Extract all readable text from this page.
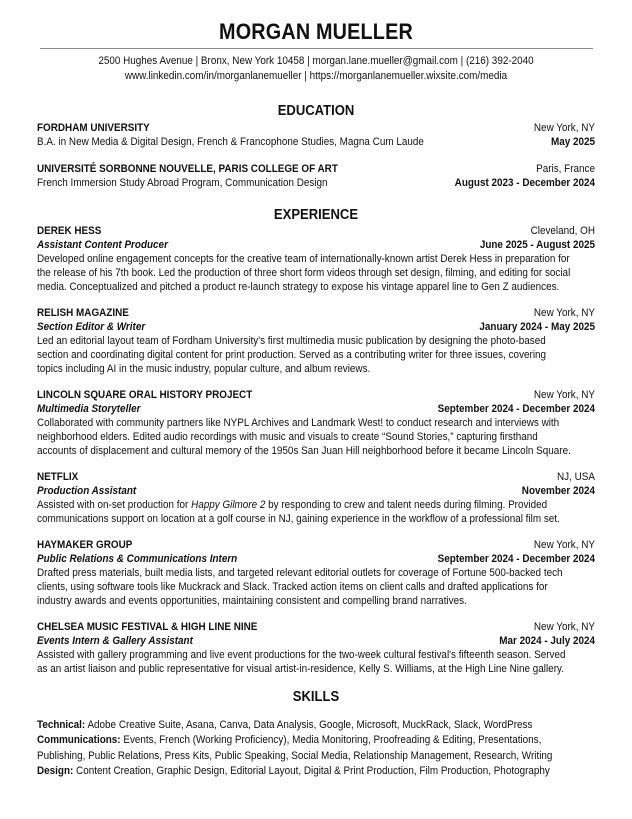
MORGAN MUELLER
2500 Hughes Avenue | Bronx, New York 10458 | morgan.lane.mueller@gmail.com | (216) 392-2040
www.linkedin.com/in/morganlanemueller | https://morganlanemueller.wixsite.com/media
EDUCATION
FORDHAM UNIVERSITY	New York, NY
B.A. in New Media & Digital Design, French & Francophone Studies, Magna Cum Laude	May 2025
UNIVERSITÉ SORBONNE NOUVELLE, PARIS COLLEGE OF ART	Paris, France
French Immersion Study Abroad Program, Communication Design	August 2023 - December 2024
EXPERIENCE
DEREK HESS	Cleveland, OH
Assistant Content Producer	June 2025 - August 2025
Developed online engagement concepts for the creative team of internationally-known artist Derek Hess in preparation for
the release of his 7th book. Led the production of three short form videos through set design, filming, and editing for social
media. Conceptualized and pitched a product re-launch strategy to expose his vintage apparel line to Gen Z audiences.
RELISH MAGAZINE	New York, NY
Section Editor & Writer	January 2024 - May 2025
Led an editorial layout team of Fordham University's first multimedia music publication by designing the photo-based
section and coordinating digital content for print production. Served as a contributing writer for three issues, covering
topics including AI in the music industry, popular culture, and album reviews.
LINCOLN SQUARE ORAL HISTORY PROJECT	New York, NY
Multimedia Storyteller	September 2024 - December 2024
Collaborated with community partners like NYPL Archives and Landmark West! to conduct research and interviews with
neighborhood elders. Edited audio recordings with music and visuals to create “Sound Stories,” capturing firsthand
accounts of displacement and cultural memory of the 1950s San Juan Hill neighborhood before it became Lincoln Square.
NETFLIX	NJ, USA
Production Assistant	November 2024
Assisted with on-set production for Happy Gilmore 2 by responding to crew and talent needs during filming. Provided
communications support on location at a golf course in NJ, gaining experience in the workflow of a professional film set.
HAYMAKER GROUP	New York, NY
Public Relations & Communications Intern	September 2024 - December 2024
Drafted press materials, built media lists, and targeted relevant editorial outlets for coverage of Fortune 500-backed tech
clients, using software tools like Muckrack and Slack. Tracked action items on client calls and drafted applications for
industry awards and events opportunities, maintaining consistent and compelling brand narratives.
CHELSEA MUSIC FESTIVAL & HIGH LINE NINE	New York, NY
Events Intern & Gallery Assistant	Mar 2024 - July 2024
Assisted with gallery programming and live event productions for the two-week cultural festival's fifteenth season. Served
as an artist liaison and public representative for visual artist-in-residence, Kelly S. Williams, at the High Line Nine gallery.
SKILLS
Technical: Adobe Creative Suite, Asana, Canva, Data Analysis, Google, Microsoft, MuckRack, Slack, WordPress
Communications: Events, French (Working Proficiency), Media Monitoring, Proofreading & Editing, Presentations,
Publishing, Public Relations, Press Kits, Public Speaking, Social Media, Relationship Management, Research, Writing
Design: Content Creation, Graphic Design, Editorial Layout, Digital & Print Production, Film Production, Photography
